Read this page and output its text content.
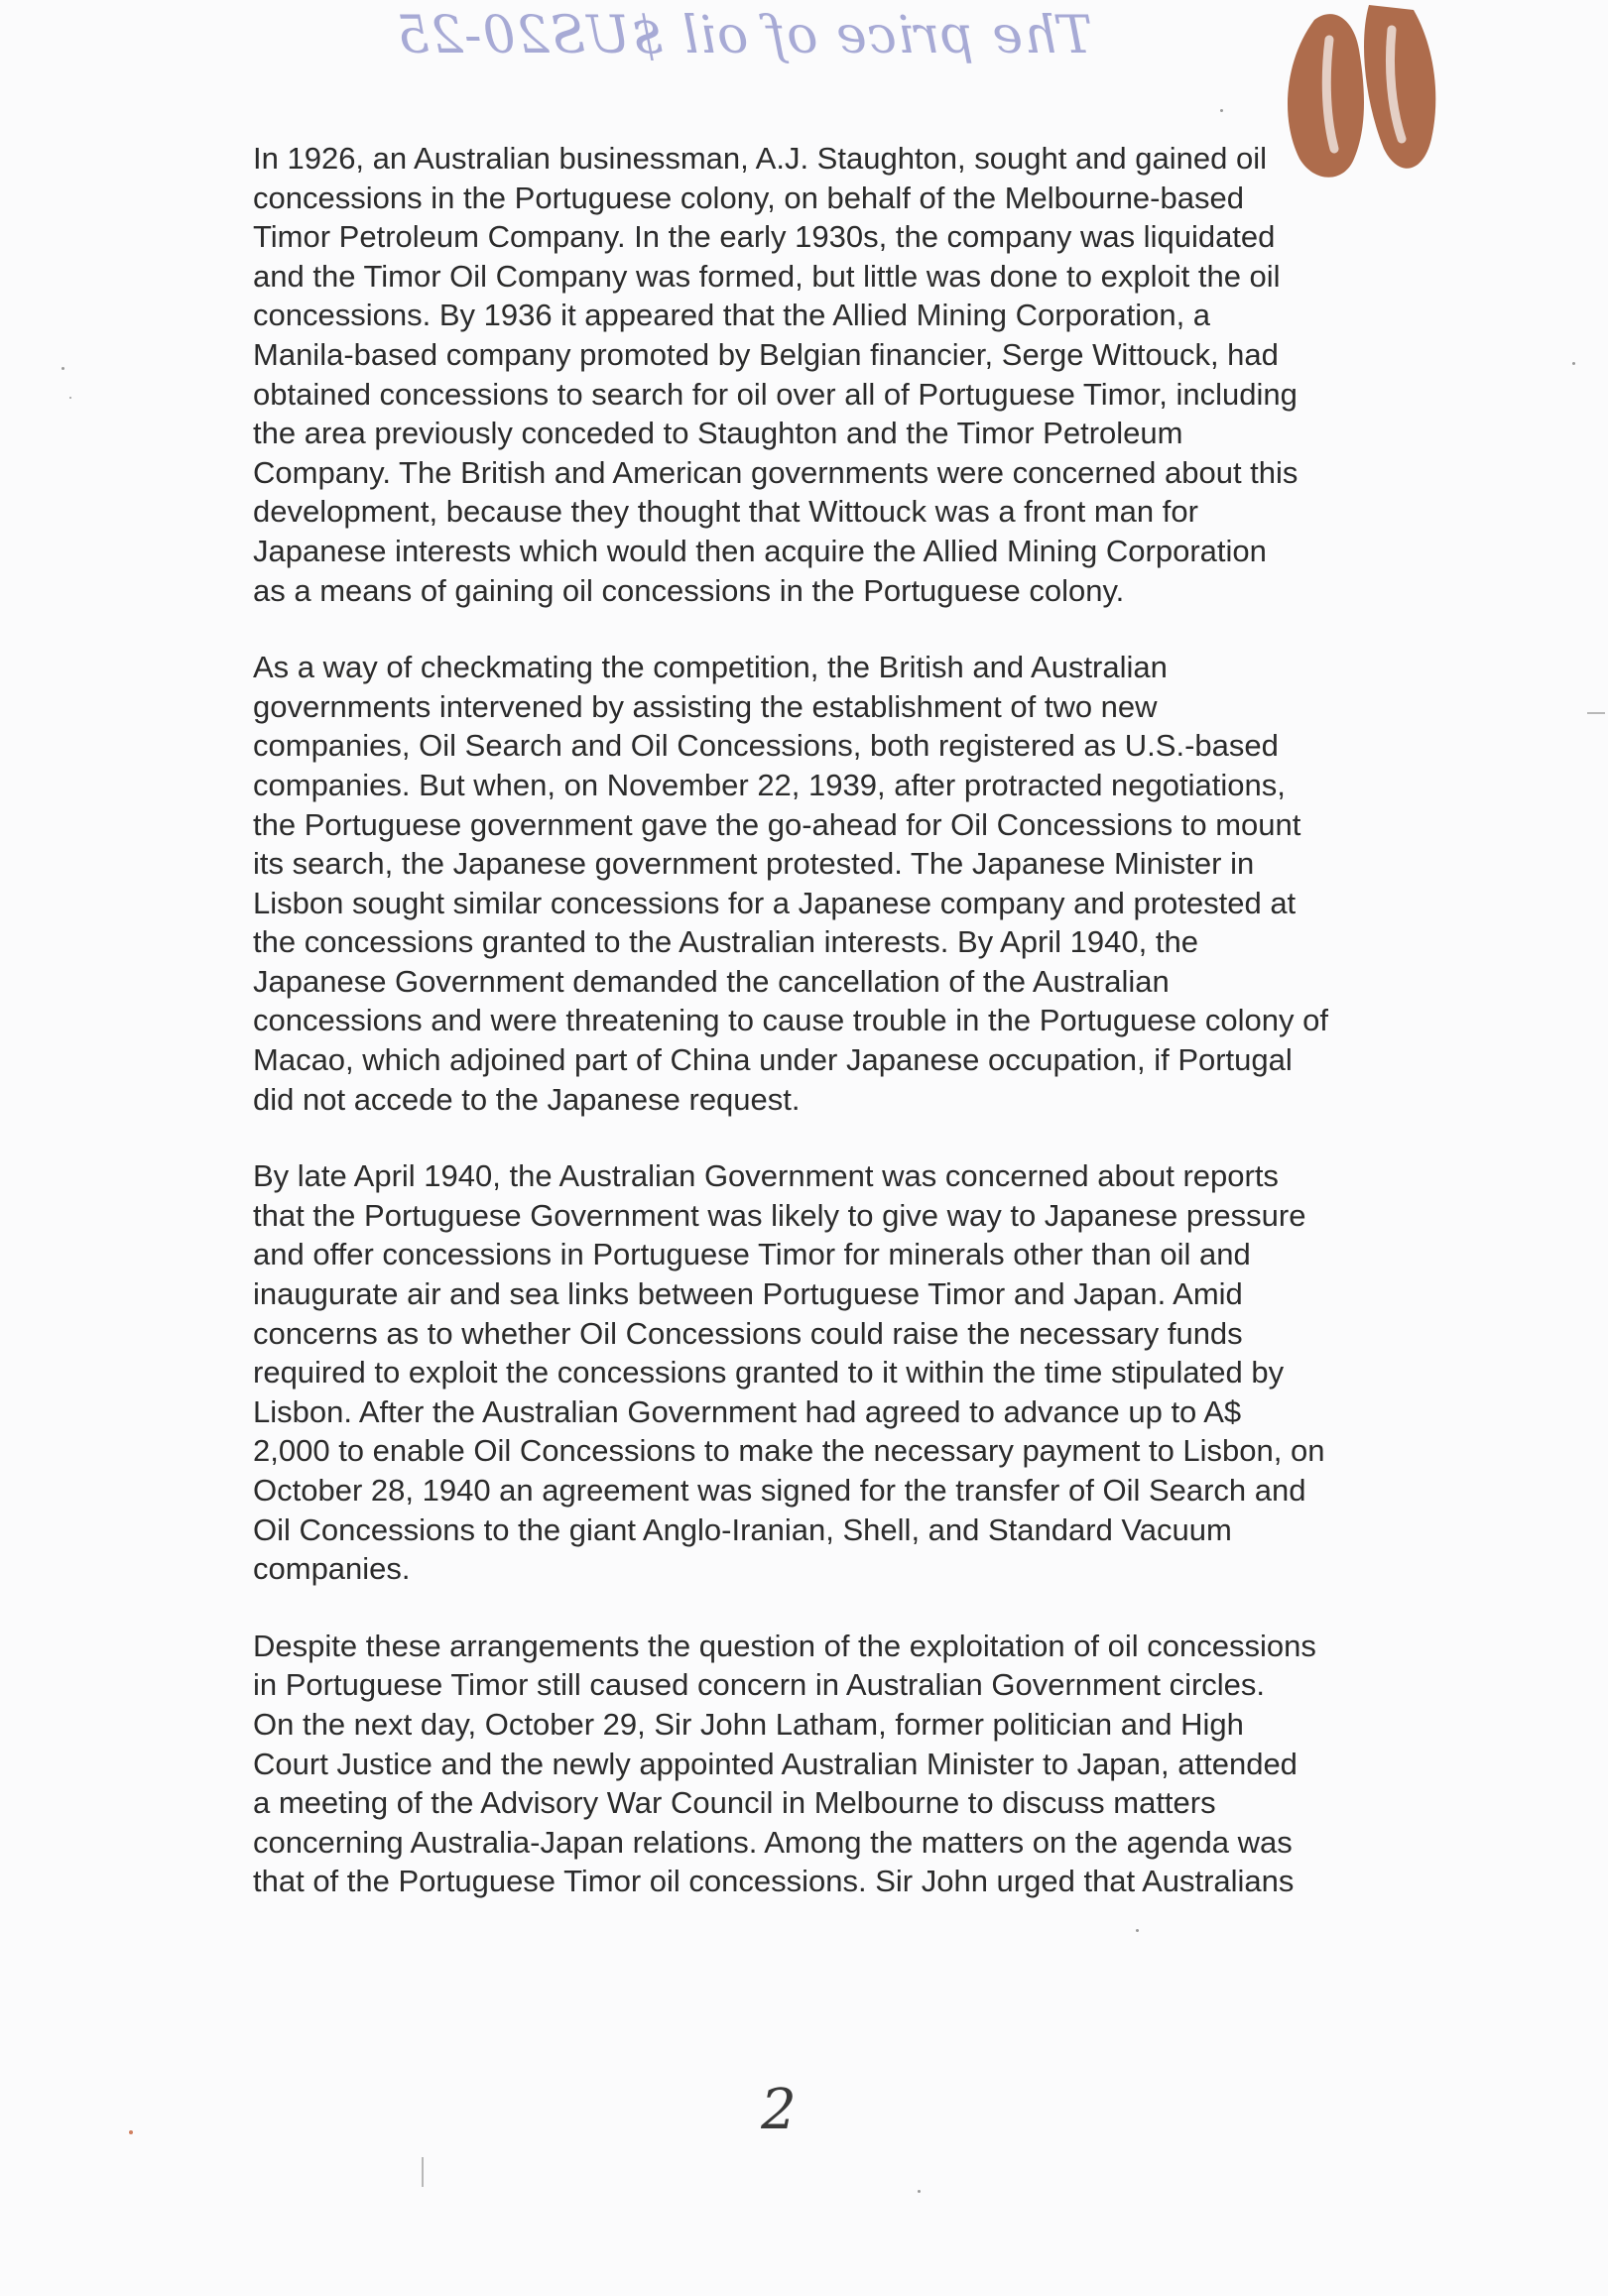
The price of oil $US20-25

In 1926, an Australian businessman, A.J. Staughton, sought and gained oil
concessions in the Portuguese colony, on behalf of the Melbourne-based
Timor Petroleum Company. In the early 1930s, the company was liquidated
and the Timor Oil Company was formed, but little was done to exploit the oil
concessions. By 1936 it appeared that the Allied Mining Corporation, a
Manila-based company promoted by Belgian financier, Serge Wittouck, had
obtained concessions to search for oil over all of Portuguese Timor, including
the area previously conceded to Staughton and the Timor Petroleum
Company. The British and American governments were concerned about this
development, because they thought that Wittouck was a front man for
Japanese interests which would then acquire the Allied Mining Corporation
as a means of gaining oil concessions in the Portuguese colony.

As a way of checkmating the competition, the British and Australian
governments intervened by assisting the establishment of two new
companies, Oil Search and Oil Concessions, both registered as U.S.-based
companies. But when, on November 22, 1939, after protracted negotiations,
the Portuguese government gave the go-ahead for Oil Concessions to mount
its search, the Japanese government protested. The Japanese Minister in
Lisbon sought similar concessions for a Japanese company and protested at
the concessions granted to the Australian interests. By April 1940, the
Japanese Government demanded the cancellation of the Australian
concessions and were threatening to cause trouble in the Portuguese colony of
Macao, which adjoined part of China under Japanese occupation, if Portugal
did not accede to the Japanese request.

By late April 1940, the Australian Government was concerned about reports
that the Portuguese Government was likely to give way to Japanese pressure
and offer concessions in Portuguese Timor for minerals other than oil and
inaugurate air and sea links between Portuguese Timor and Japan. Amid
concerns as to whether Oil Concessions could raise the necessary funds
required to exploit the concessions granted to it within the time stipulated by
Lisbon. After the Australian Government had agreed to advance up to A$
2,000 to enable Oil Concessions to make the necessary payment to Lisbon, on
October 28, 1940 an agreement was signed for the transfer of Oil Search and
Oil Concessions to the giant Anglo-Iranian, Shell, and Standard Vacuum
companies.

Despite these arrangements the question of the exploitation of oil concessions
in Portuguese Timor still caused concern in Australian Government circles.
On the next day, October 29, Sir John Latham, former politician and High
Court Justice and the newly appointed Australian Minister to Japan, attended
a meeting of the Advisory War Council in Melbourne to discuss matters
concerning Australia-Japan relations. Among the matters on the agenda was
that of the Portuguese Timor oil concessions. Sir John urged that Australians

2
